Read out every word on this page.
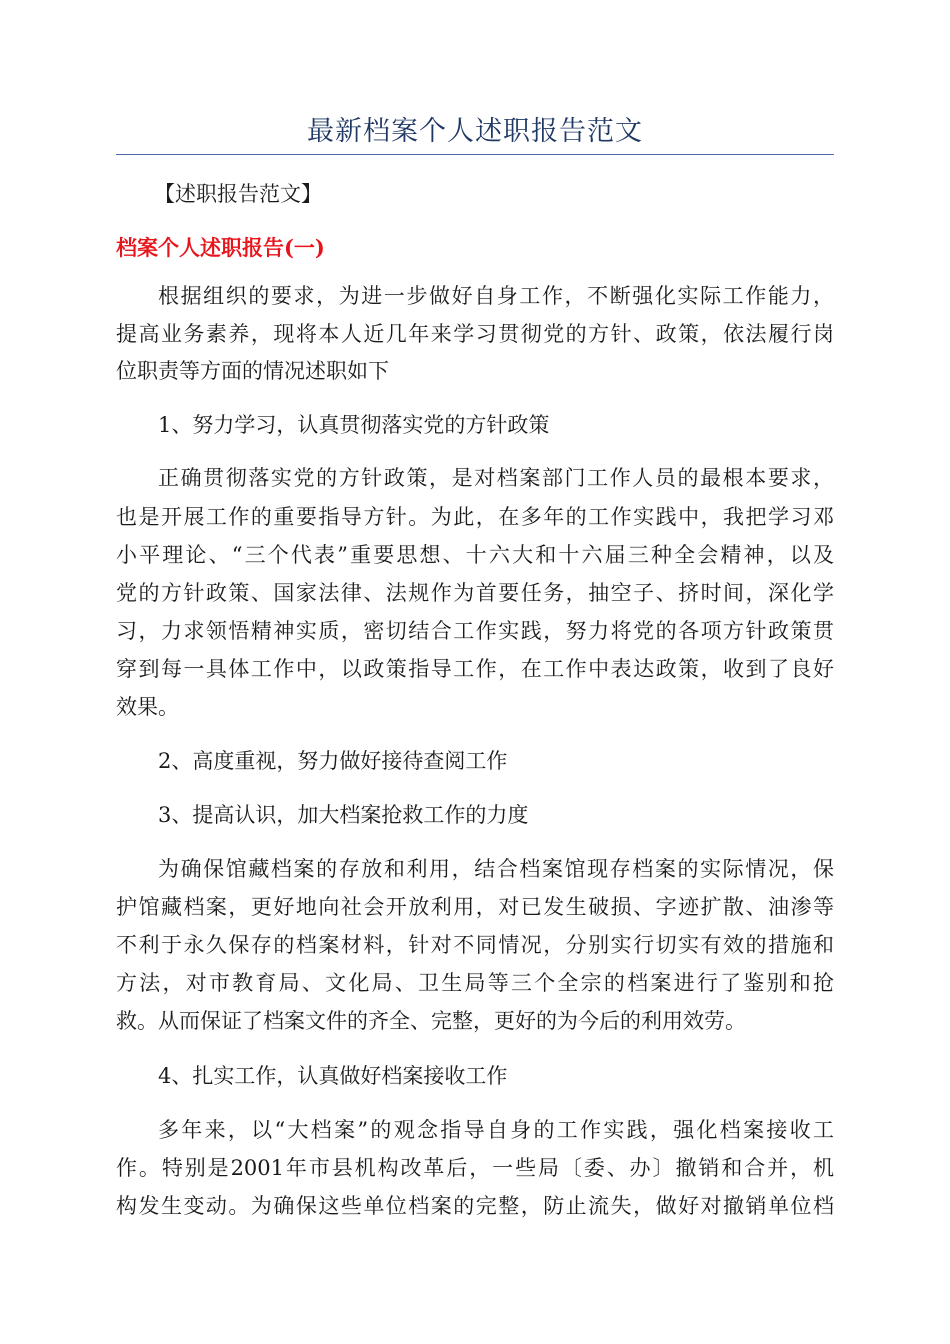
最新档案个人述职报告范文
【述职报告范文】
档案个人述职报告(一)
根据组织的要求，为进一步做好自身工作，不断强化实际工作能力，
提高业务素养，现将本人近几年来学习贯彻党的方针、政策，依法履行岗
位职责等方面的情况述职如下
1、努力学习，认真贯彻落实党的方针政策
正确贯彻落实党的方针政策，是对档案部门工作人员的最根本要求，
也是开展工作的重要指导方针。为此，在多年的工作实践中，我把学习邓
小平理论、“三个代表”重要思想、十六大和十六届三种全会精神，以及
党的方针政策、国家法律、法规作为首要任务，抽空子、挤时间，深化学
习，力求领悟精神实质，密切结合工作实践，努力将党的各项方针政策贯
穿到每一具体工作中，以政策指导工作，在工作中表达政策，收到了良好
效果。
2、高度重视，努力做好接待查阅工作
3、提高认识，加大档案抢救工作的力度
为确保馆藏档案的存放和利用，结合档案馆现存档案的实际情况，保
护馆藏档案，更好地向社会开放利用，对已发生破损、字迹扩散、油渗等
不利于永久保存的档案材料，针对不同情况，分别实行切实有效的措施和
方法，对市教育局、文化局、卫生局等三个全宗的档案进行了鉴别和抢
救。从而保证了档案文件的齐全、完整，更好的为今后的利用效劳。
4、扎实工作，认真做好档案接收工作
多年来，以“大档案”的观念指导自身的工作实践，强化档案接收工
作。特别是2001年市县机构改革后，一些局〔委、办〕撤销和合并，机
构发生变动。为确保这些单位档案的完整，防止流失，做好对撤销单位档
